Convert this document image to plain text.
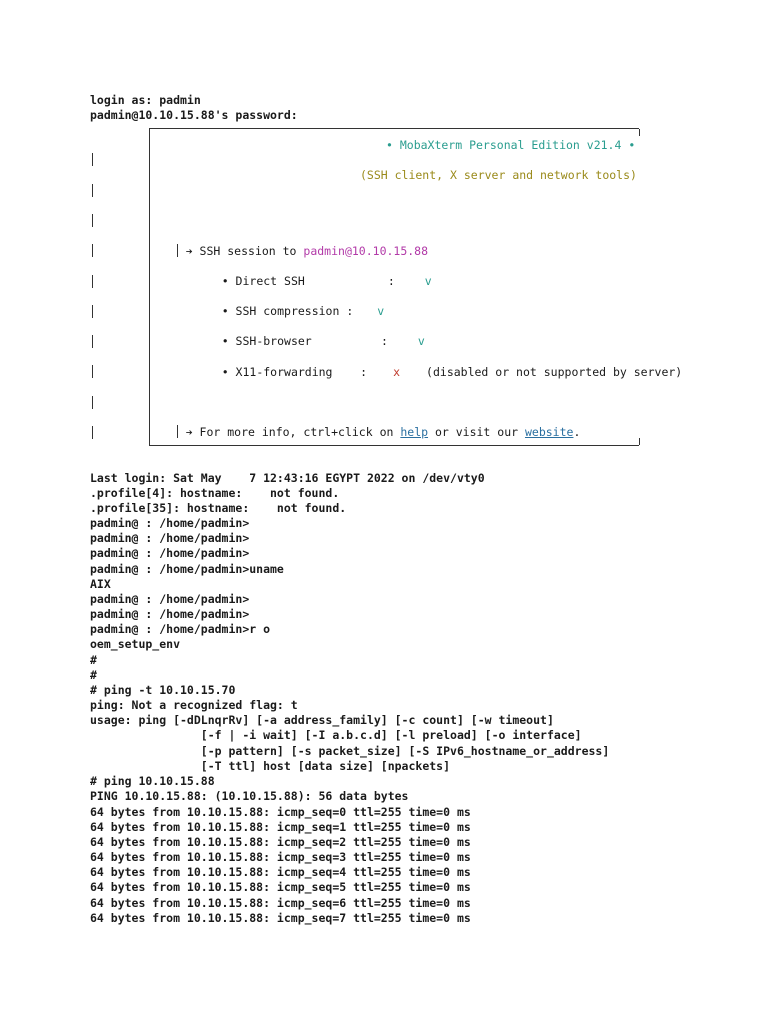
login as: padmin
padmin@10.10.15.88's password:
• MobaXterm Personal Edition v21.4 •
(SSH client, X server and network tools)

➔ SSH session to padmin@10.10.15.88

• Direct SSH            :	v

• SSH compression : v

• SSH-browser          :	v

• X11-forwarding    : x (disabled or not supported by server)

➔ For more info, ctrl+click on help or visit our website.

Last login: Sat May    7 12:43:16 EGYPT 2022 on /dev/vty0
.profile[4]: hostname:    not found.
.profile[35]: hostname:    not found.
padmin@ : /home/padmin>
padmin@ : /home/padmin>
padmin@ : /home/padmin>
padmin@ : /home/padmin>uname
AIX
padmin@ : /home/padmin>
padmin@ : /home/padmin>
padmin@ : /home/padmin>r o
oem_setup_env
#
#
# ping -t 10.10.15.70
ping: Not a recognized flag: t
usage: ping [-dDLnqrRv] [-a address_family] [-c count] [-w timeout]
[-f | -i wait] [-I a.b.c.d] [-l preload] [-o interface]
[-p pattern] [-s packet_size] [-S IPv6_hostname_or_address]
[-T ttl] host [data size] [npackets]
# ping 10.10.15.88
PING 10.10.15.88: (10.10.15.88): 56 data bytes
64 bytes from 10.10.15.88: icmp_seq=0 ttl=255 time=0 ms
64 bytes from 10.10.15.88: icmp_seq=1 ttl=255 time=0 ms
64 bytes from 10.10.15.88: icmp_seq=2 ttl=255 time=0 ms
64 bytes from 10.10.15.88: icmp_seq=3 ttl=255 time=0 ms
64 bytes from 10.10.15.88: icmp_seq=4 ttl=255 time=0 ms
64 bytes from 10.10.15.88: icmp_seq=5 ttl=255 time=0 ms
64 bytes from 10.10.15.88: icmp_seq=6 ttl=255 time=0 ms
64 bytes from 10.10.15.88: icmp_seq=7 ttl=255 time=0 ms
